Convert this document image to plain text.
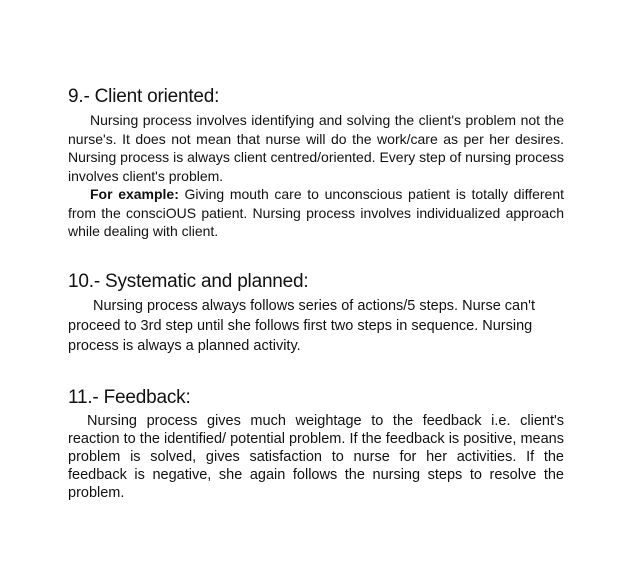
9.- Client oriented:

Nursing process involves identifying and solving the client's problem not the nurse's. It does not mean that nurse will do the work/care as per her desires. Nursing process is always client centred/oriented. Every step of nursing process involves client's problem.

For example: Giving mouth care to unconscious patient is totally different from the consciOUS patient. Nursing process involves individualized approach while dealing with client.

10.- Systematic and planned:

Nursing process always follows series of actions/5 steps. Nurse can't proceed to 3rd step until she follows first two steps in sequence. Nursing process is always a planned activity.

11.- Feedback:

Nursing process gives much weightage to the feedback i.e. client's reaction to the identified/ potential problem. If the feedback is positive, means problem is solved, gives satisfaction to nurse for her activities. If the feedback is negative, she again follows the nursing steps to resolve the problem.
